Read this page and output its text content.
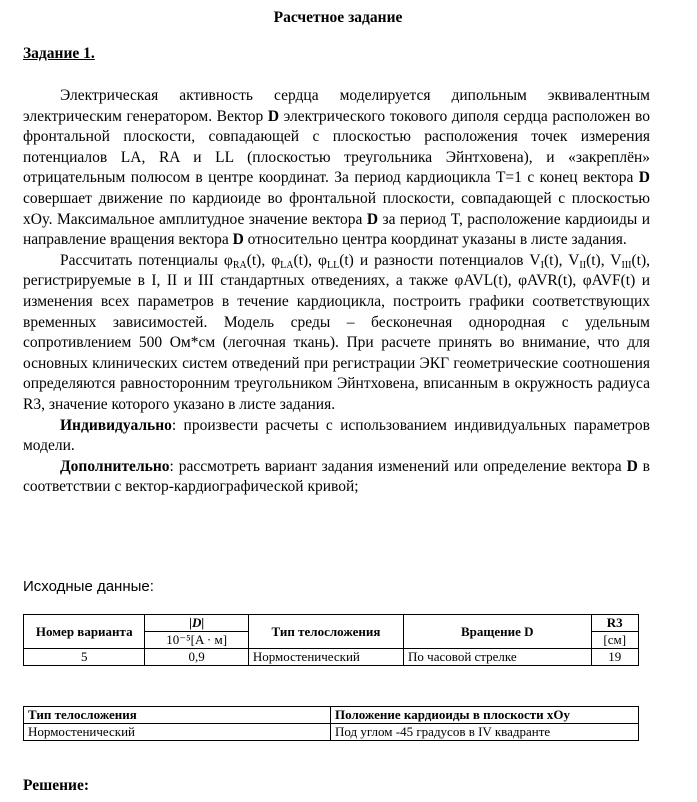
Расчетное задание
Задание 1.

Электрическая активность сердца моделируется дипольным эквивалентным электрическим генератором. Вектор D электрического токового диполя сердца расположен во фронтальной плоскости, совпадающей с плоскостью расположения точек измерения потенциалов LA, RA и LL (плоскостью треугольника Эйнтховена), и «закреплён» отрицательным полюсом в центре координат. За период кардиоцикла T=1 с конец вектора D совершает движение по кардиоиде во фронтальной плоскости, совпадающей с плоскостью xOy. Максимальное амплитудное значение вектора D за период T, расположение кардиоиды и направление вращения вектора D относительно центра координат указаны в листе задания.

Рассчитать потенциалы $\varphi_{RA}(t)$, $\varphi_{LA}(t)$, $\varphi_{LL}(t)$ и разности потенциалов $V_I(t)$, $V_{II}(t)$, $V_{III}(t)$, регистрируемые в I, II и III стандартных отведениях, а также φAVL(t), φAVR(t), φAVF(t) и изменения всех параметров в течение кардиоцикла, построить графики соответствующих временных зависимостей. Модель среды – бесконечная однородная с удельным сопротивлением 500 Ом*см (легочная ткань). При расчете принять во внимание, что для основных клинических систем отведений при регистрации ЭКГ геометрические соотношения определяются равносторонним треугольником Эйнтховена, вписанным в окружность радиуса R3, значение которого указано в листе задания.

Индивидуально: произвести расчеты с использованием индивидуальных параметров модели.

Дополнительно: рассмотреть вариант задания изменений или определение вектора D в соответствии с вектор-кардиографической кривой;

Исходные данные:
Номер варианта	|D|	Тип телосложения	Вращение D	R3
	10⁻⁵[A · м]			[см]
5	0,9	Нормостенический	По часовой стрелке	19
Тип телосложения	Положение кардиоиды в плоскости xOy
Нормостенический	Под углом -45 градусов в IV квадранте
Решение:
